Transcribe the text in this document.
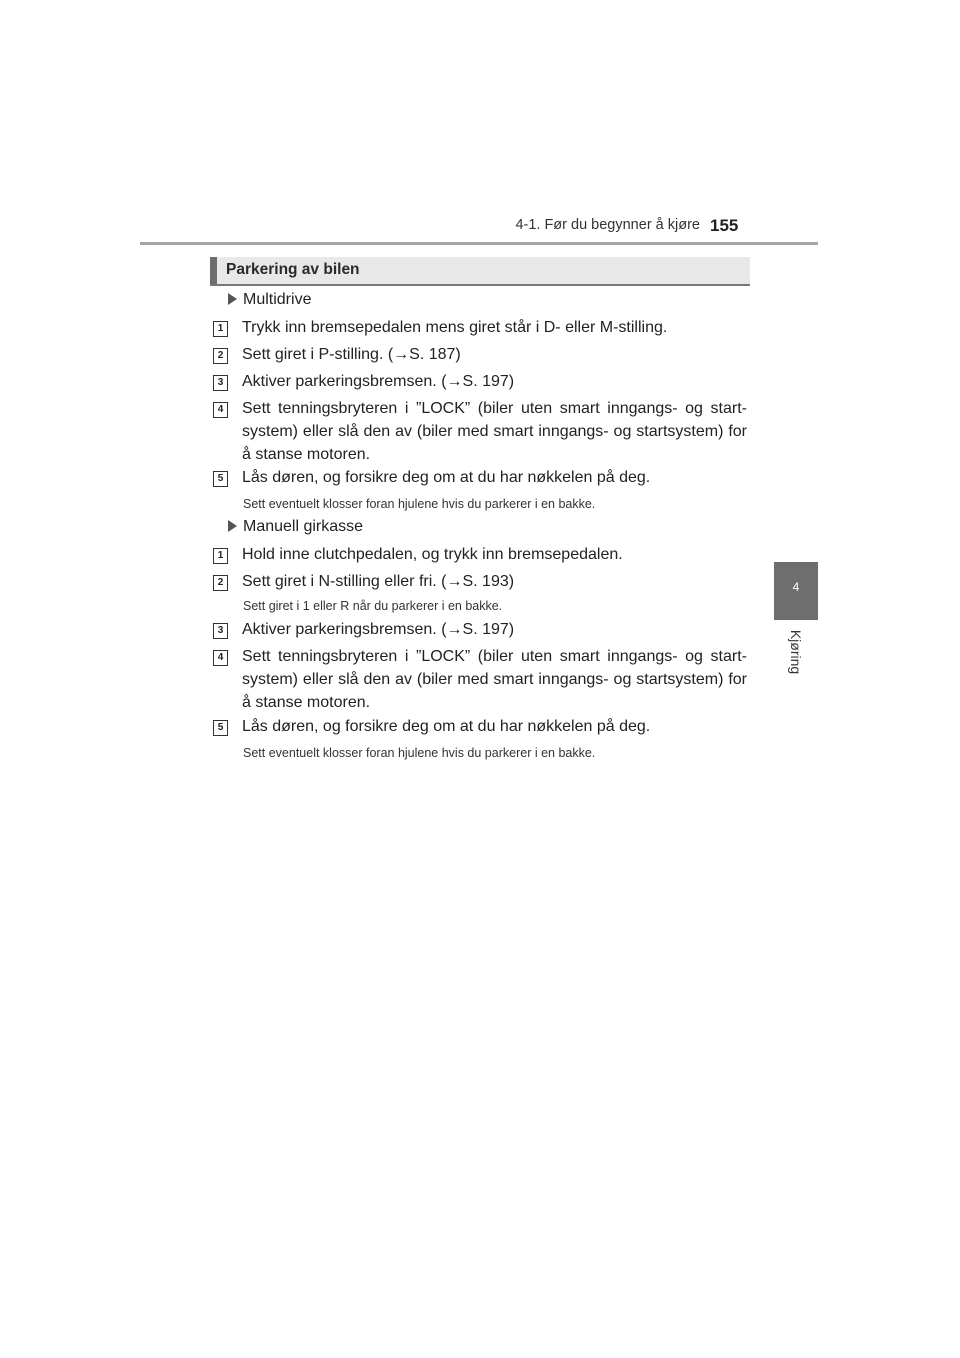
4-1. Før du begynner å kjøre 155
4
Kjøring
Parkering av bilen
Multidrive
1 Trykk inn bremsepedalen mens giret står i D- eller M-stilling.
2 Sett giret i P-stilling. (→S. 187)
3 Aktiver parkeringsbremsen. (→S. 197)
4 Sett tenningsbryteren i ”LOCK” (biler uten smart inngangs- og start-system) eller slå den av (biler med smart inngangs- og startsystem) for å stanse motoren.
5 Lås døren, og forsikre deg om at du har nøkkelen på deg.
Sett eventuelt klosser foran hjulene hvis du parkerer i en bakke.
Manuell girkasse
1 Hold inne clutchpedalen, og trykk inn bremsepedalen.
2 Sett giret i N-stilling eller fri. (→S. 193)
Sett giret i 1 eller R når du parkerer i en bakke.
3 Aktiver parkeringsbremsen. (→S. 197)
4 Sett tenningsbryteren i ”LOCK” (biler uten smart inngangs- og start-system) eller slå den av (biler med smart inngangs- og startsystem) for å stanse motoren.
5 Lås døren, og forsikre deg om at du har nøkkelen på deg.
Sett eventuelt klosser foran hjulene hvis du parkerer i en bakke.
